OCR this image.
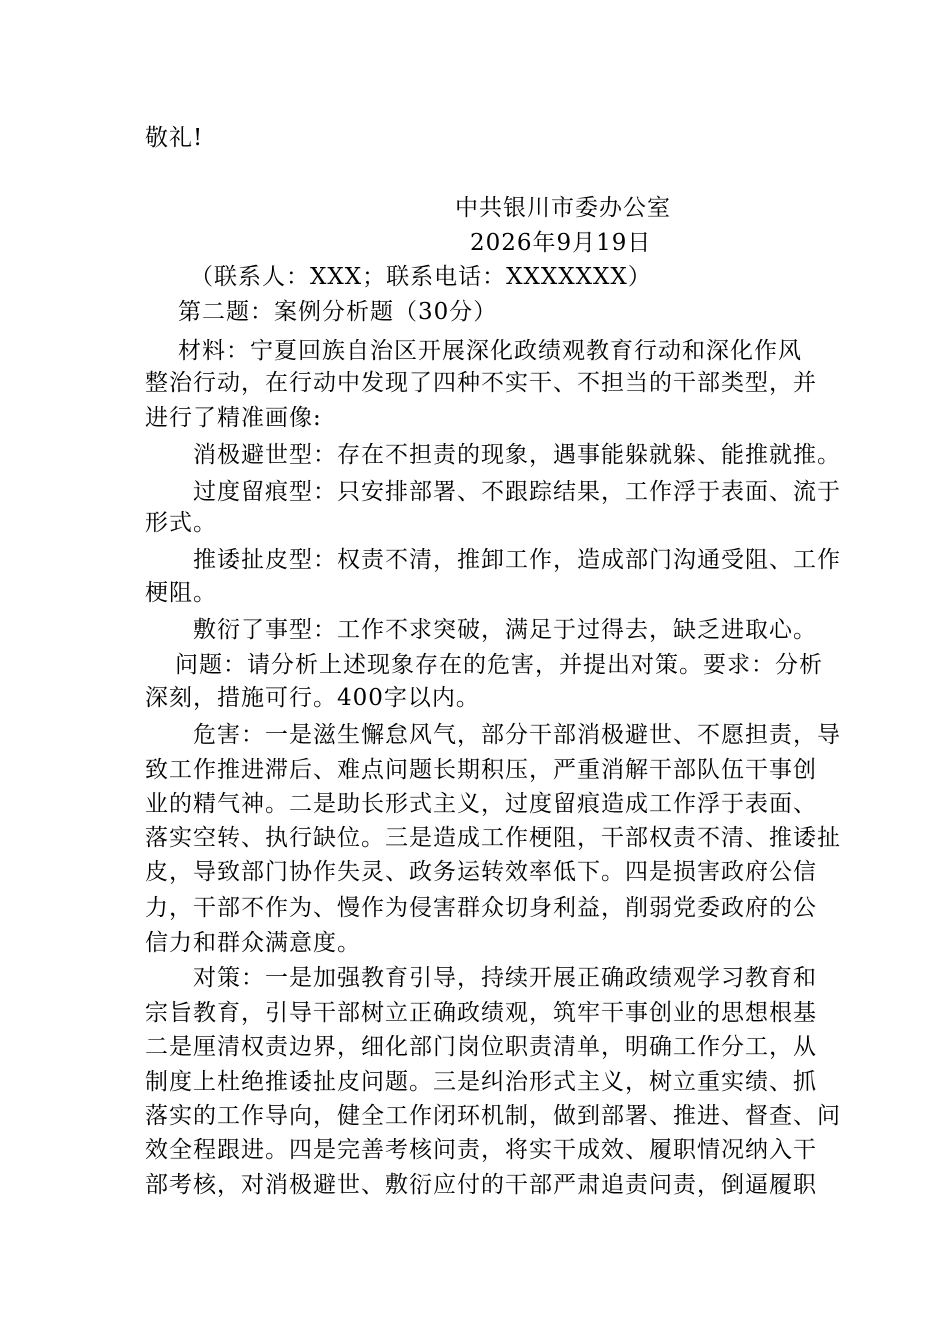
敬礼!

中共银川市委办公室

2026年9月19日

（联系人：XXX；联系电话：XXXXXXX）

第二题：案例分析题（30分）

材料：宁夏回族自治区开展深化政绩观教育行动和深化作风

整治行动，在行动中发现了四种不实干、不担当的干部类型，并

进行了精准画像:

消极避世型：存在不担责的现象，遇事能躲就躲、能推就推。

过度留痕型：只安排部署、不跟踪结果，工作浮于表面、流于

形式。

推诿扯皮型：权责不清，推卸工作，造成部门沟通受阻、工作

梗阻。

敷衍了事型：工作不求突破，满足于过得去，缺乏进取心。

问题：请分析上述现象存在的危害，并提出对策。要求：分析

深刻，措施可行。400字以内。

危害：一是滋生懈怠风气，部分干部消极避世、不愿担责，导

致工作推进滞后、难点问题长期积压，严重消解干部队伍干事创

业的精气神。二是助长形式主义，过度留痕造成工作浮于表面、

落实空转、执行缺位。三是造成工作梗阻，干部权责不清、推诿扯

皮，导致部门协作失灵、政务运转效率低下。四是损害政府公信

力，干部不作为、慢作为侵害群众切身利益，削弱党委政府的公

信力和群众满意度。

对策：一是加强教育引导，持续开展正确政绩观学习教育和

宗旨教育，引导干部树立正确政绩观，筑牢干事创业的思想根基

二是厘清权责边界，细化部门岗位职责清单，明确工作分工，从

制度上杜绝推诿扯皮问题。三是纠治形式主义，树立重实绩、抓

落实的工作导向，健全工作闭环机制，做到部署、推进、督查、问

效全程跟进。四是完善考核问责，将实干成效、履职情况纳入干

部考核，对消极避世、敷衍应付的干部严肃追责问责，倒逼履职
